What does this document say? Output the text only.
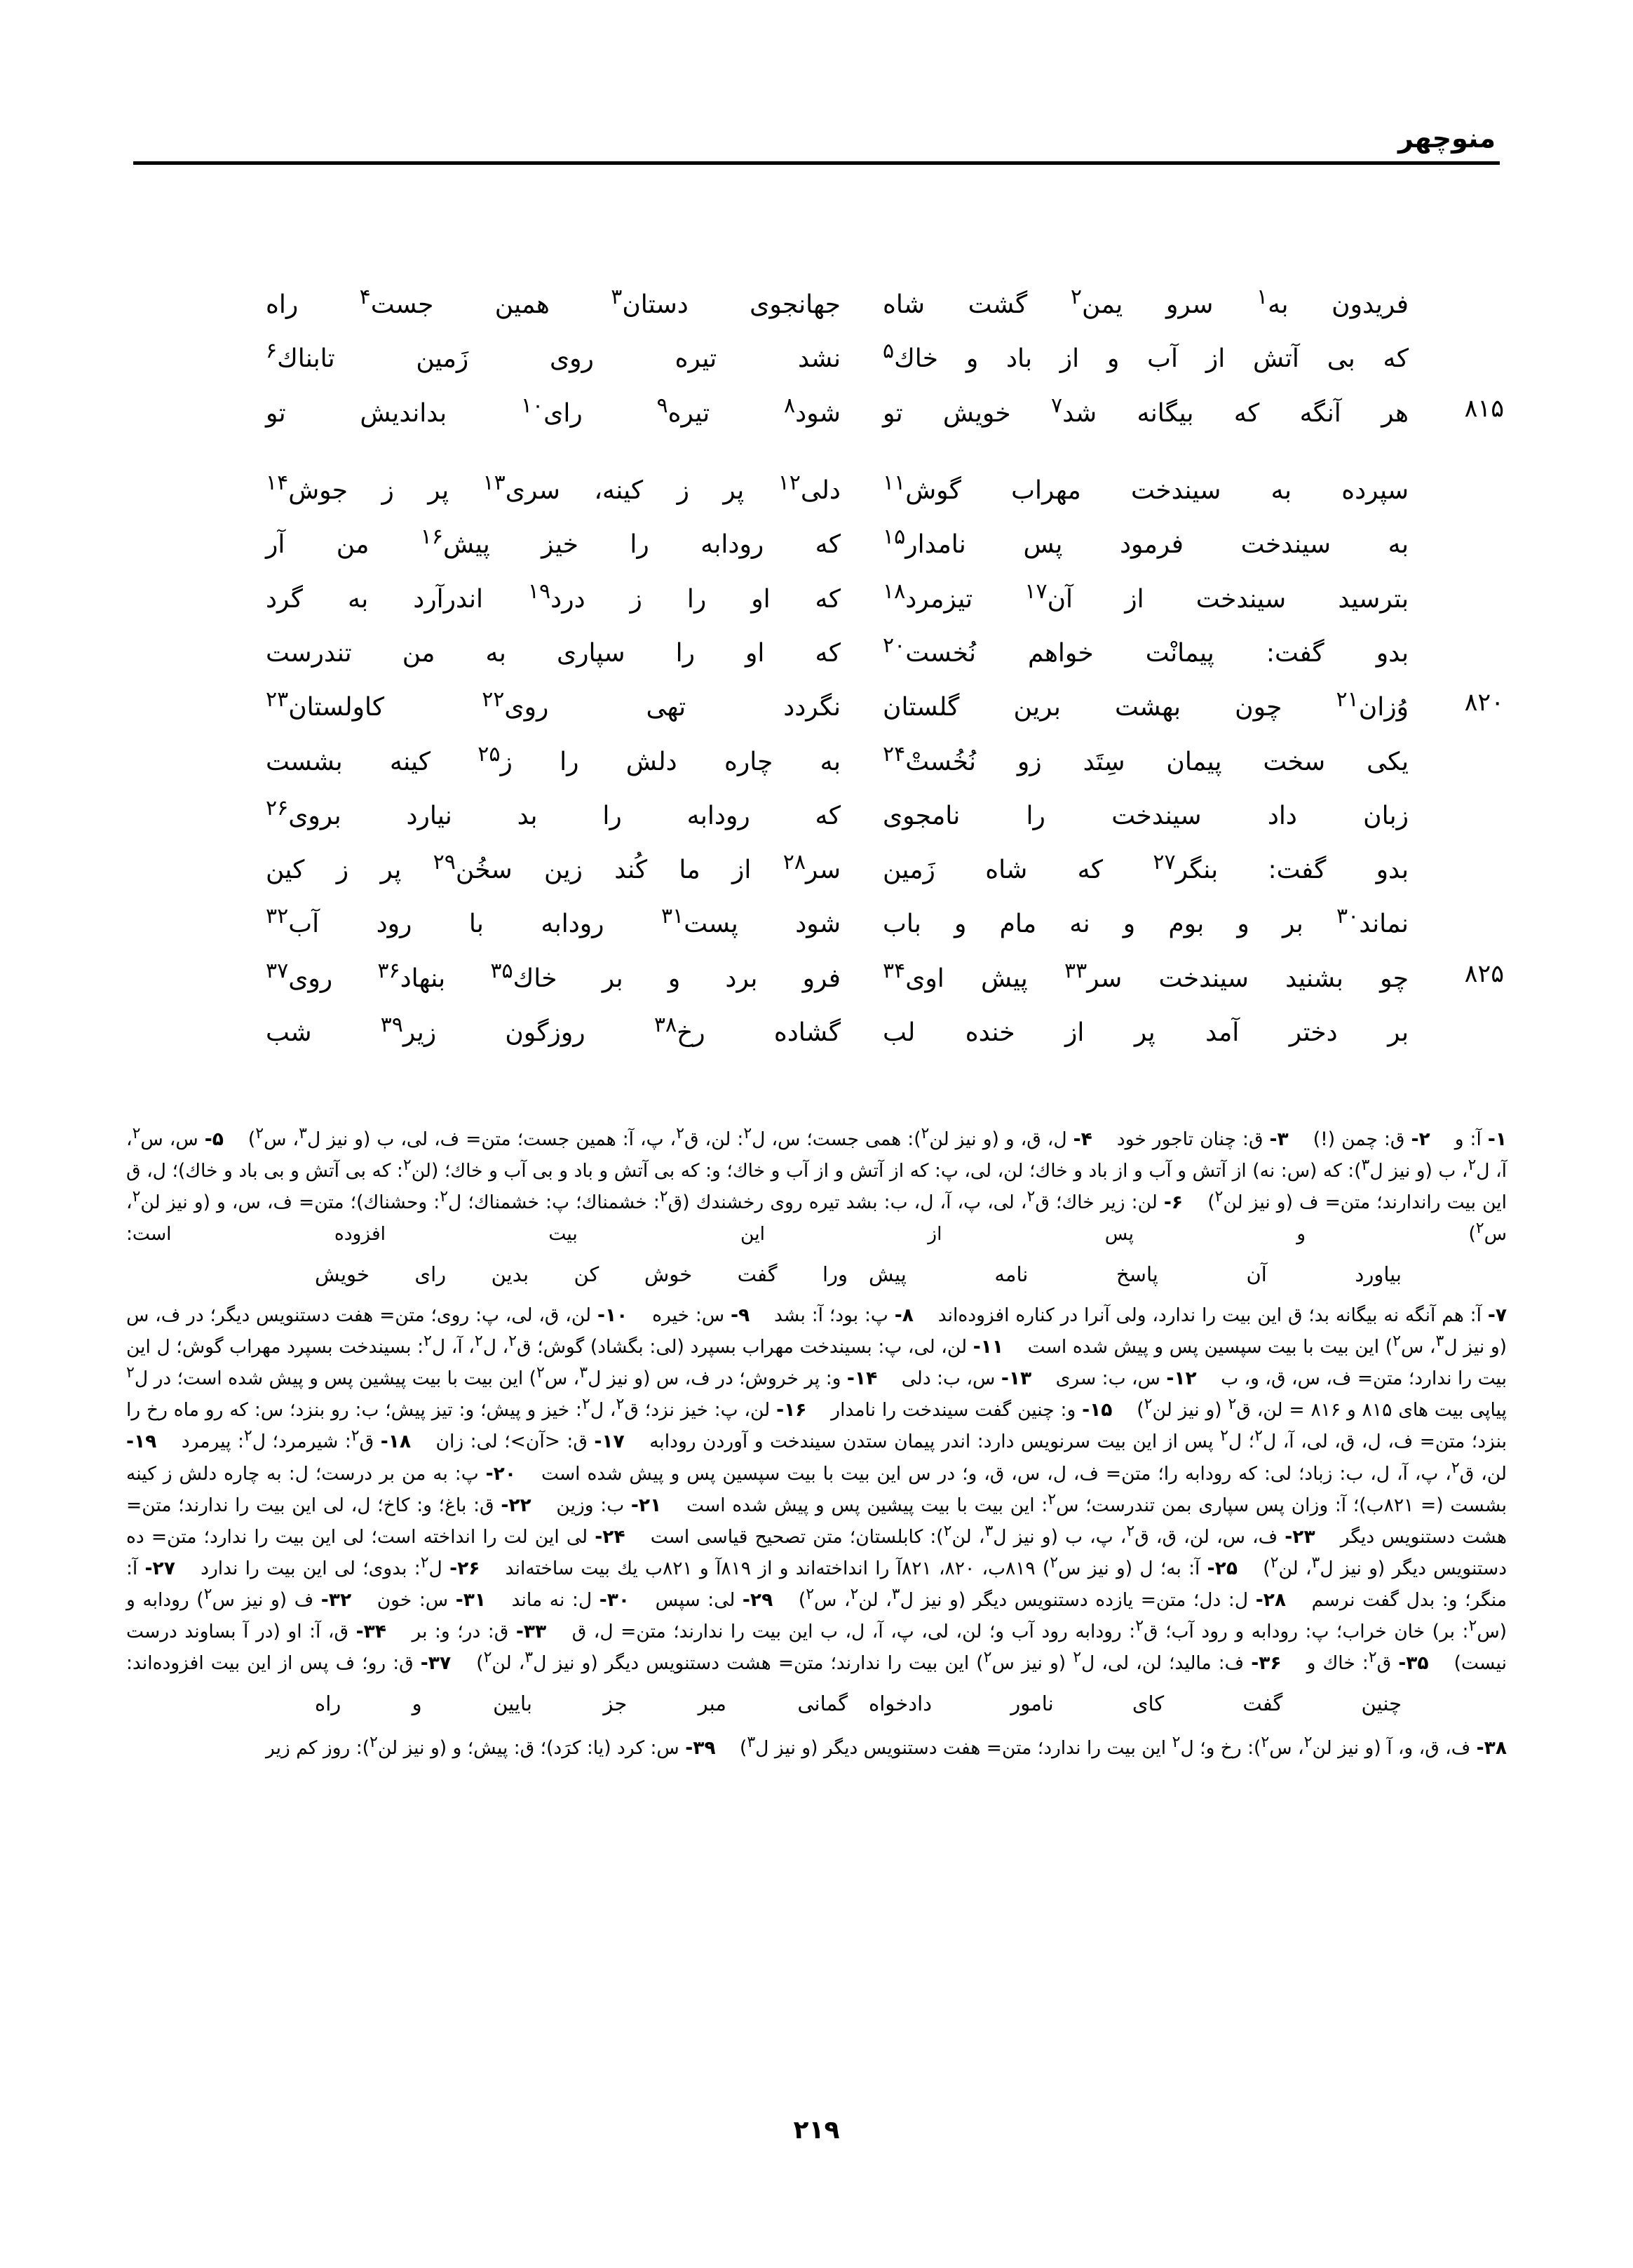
منوچهر
فریدون به$^۱$ سرو یمن$^۲$ گشت شاه
جهانجوی دستان$^۳$ همین جست$^۴$ راه
که بی آتش از آب و از باد و خاك$^۵$
نشد تیره روی زَمین تابناك$^۶$
۸۱۵
هر آنگه که بیگانه شد$^۷$ خویش تو
شود$^۸$ تیره$^۹$ رای$^{۱۰}$ بداندیش تو
سپرده به سیندخت مهراب گوش$^{۱۱}$
دلی$^{۱۲}$ پر ز کینه، سری$^{۱۳}$ پر ز جوش$^{۱۴}$
به سیندخت فرمود پس نامدار$^{۱۵}$
که رودابه را خیز پیش$^{۱۶}$ من آر
بترسید سیندخت از آن$^{۱۷}$ تیزمرد$^{۱۸}$
که او را ز درد$^{۱۹}$ اندرآرد به گرد
بدو گفت: پیمانْت خواهم نُخست$^{۲۰}$
که او را سپاری به من تندرست
۸۲۰
وُزان$^{۲۱}$ چون بهشت برین گلستان
نگردد تهی روی$^{۲۲}$ کاولستان$^{۲۳}$
یکی سخت پیمان سِتَد زو نُخُستْ$^{۲۴}$
به چاره دلش را ز$^{۲۵}$ کینه بشست
زبان داد سیندخت را نامجوی
که رودابه را بد نیارد بروی$^{۲۶}$
بدو گفت: بنگر$^{۲۷}$ که شاه زَمین
سر$^{۲۸}$ از ما کُند زین سخُن$^{۲۹}$ پر ز کین
نماند$^{۳۰}$ بر و بوم و نه مام و باب
شود پست$^{۳۱}$ رودابه با رود آب$^{۳۲}$
۸۲۵
چو بشنید سیندخت سر$^{۳۳}$ پیش اوی$^{۳۴}$
فرو برد و بر خاك$^{۳۵}$ بنهاد$^{۳۶}$ روی$^{۳۷}$
بر دختر آمد پر از خنده لب
گشاده رخ$^{۳۸}$ روزگون زیر$^{۳۹}$ شب

۱- آ: و ۲- ق: چمن (!) ۳- ق: چنان تاجور خود ۴- ل، ق، و (و نیز لن$^۲$): همی جست؛ س، ل$^۲$: لن، ق$^۲$، پ، آ: همین جست؛ متن= ف، لی، ب (و نیز ل$^۳$، س$^۲$) ۵- س، س$^۲$، آ، ل$^۲$، ب (و نیز ل$^۳$): که (س: نه) از آتش و آب و از باد و خاك؛ لن، لی، پ: که از آتش و از آب و خاك؛ و: که بی آتش و باد و بی آب و خاك؛ (لن$^۲$: که بی آتش و بی باد و خاك)؛ ل، ق این بیت راندارند؛ متن= ف (و نیز لن$^۲$) ۶- لن: زیر خاك؛ ق$^۲$، لی، پ، آ، ل، ب: بشد تیره روی رخشندك (ق$^۲$: خشمناك؛ پ: خشمناك؛ ل$^۲$: وحشناك)؛ متن= ف، س، و (و نیز لن$^۲$، س$^۲$) و پس از این بیت افزوده است:

بیاورد آن پاسخ نامه پیش
ورا گفت خوش کن بدین رای خویش

۷- آ: هم آنگه نه بیگانه بد؛ ق این بیت را ندارد، ولی آنرا در کناره افزوده‌اند ۸- پ: بود؛ آ: بشد ۹- س: خیره ۱۰- لن، ق، لی، پ: روی؛ متن= هفت دستنویس دیگر؛ در ف، س (و نیز ل$^۳$، س$^۲$) این بیت با بیت سپسین پس و پیش شده است ۱۱- لن، لی، پ: بسیندخت مهراب بسپرد (لی: بگشاد) گوش؛ ق$^۲$، ل$^۲$، آ، ل$^۲$: بسیندخت بسپرد مهراب گوش؛ ل این بیت را ندارد؛ متن= ف، س، ق، و، ب ۱۲- س، ب: سری ۱۳- س، ب: دلی ۱۴- و: پر خروش؛ در ف، س (و نیز ل$^۳$، س$^۲$) این بیت با بیت پیشین پس و پیش شده است؛ در ل$^۲$ پیاپی بیت های ۸۱۵ و ۸۱۶ = لن، ق$^۲$ (و نیز لن$^۲$) ۱۵- و: چنین گفت سیندخت را نامدار ۱۶- لن، پ: خیز نزد؛ ق$^۲$، ل$^۲$: خیز و پیش؛ و: تیز پیش؛ ب: رو بنزد؛ س: که رو ماه رخ را بنزد؛ متن= ف، ل، ق، لی، آ، ل$^۲$؛ ل$^۲$ پس از این بیت سرنویس دارد: اندر پیمان ستدن سیندخت و آوردن رودابه ۱۷- ق: <آن>؛ لی: زان ۱۸- ق$^۲$: شیرمرد؛ ل$^۲$: پیرمرد ۱۹- لن، ق$^۲$، پ، آ، ل، ب: زباد؛ لی: که رودابه را؛ متن= ف، ل، س، ق، و؛ در س این بیت با بیت سپسین پس و پیش شده است ۲۰- پ: به من بر درست؛ ل: به چاره دلش ز کینه بشست (= ۸۲۱ب)؛ آ: وزان پس سپاری بمن تندرست؛ س$^۲$: این بیت با بیت پیشین پس و پیش شده است ۲۱- ب: وزین ۲۲- ق: باغ؛ و: کاخ؛ ل، لی این بیت را ندارند؛ متن= هشت دستنویس دیگر ۲۳- ف، س، لن، ق، ق$^۲$، پ، ب (و نیز ل$^۳$، لن$^۲$): کابلستان؛ متن تصحیح قیاسی است ۲۴- لی این لت را انداخته است؛ لی این بیت را ندارد؛ متن= ده دستنویس دیگر (و نیز ل$^۳$، لن$^۲$) ۲۵- آ: به؛ ل (و نیز س$^۲$) ۸۱۹ب، ۸۲۰، ۸۲۱آ را انداخته‌اند و از ۸۱۹آ و ۸۲۱ب یك بیت ساخته‌اند ۲۶- ل$^۲$: بدوی؛ لی این بیت را ندارد ۲۷- آ: منگر؛ و: بدل گفت نرسم ۲۸- ل: دل؛ متن= یازده دستنویس دیگر (و نیز ل$^۳$، لن$^۲$، س$^۲$) ۲۹- لی: سپس ۳۰- ل: نه ماند ۳۱- س: خون ۳۲- ف (و نیز س$^۲$) رودابه و (س$^۲$: بر) خان خراب؛ پ: رودابه و رود آب؛ ق$^۲$: رودابه رود آب و؛ لن، لی، پ، آ، ل، ب این بیت را ندارند؛ متن= ل، ق ۳۳- ق: در؛ و: بر ۳۴- ق، آ: او (در آ بساوند درست نیست) ۳۵- ق$^۲$: خاك و ۳۶- ف: مالید؛ لن، لی، ل$^۲$ (و نیز س$^۲$) این بیت را ندارند؛ متن= هشت دستنویس دیگر (و نیز ل$^۳$، لن$^۲$) ۳۷- ق: رو؛ ف پس از این بیت افزوده‌اند:

چنین گفت کای نامور دادخواه
گمانی مبر جز بایین و راه

۳۸- ف، ق، و، آ (و نیز لن$^۲$، س$^۲$): رخ و؛ ل$^۲$ این بیت را ندارد؛ متن= هفت دستنویس دیگر (و نیز ل$^۳$) ۳۹- س: کرد (یا: کرَد)؛ ق: پیش؛ و (و نیز لن$^۲$): روز کم زیر

۲۱۹
